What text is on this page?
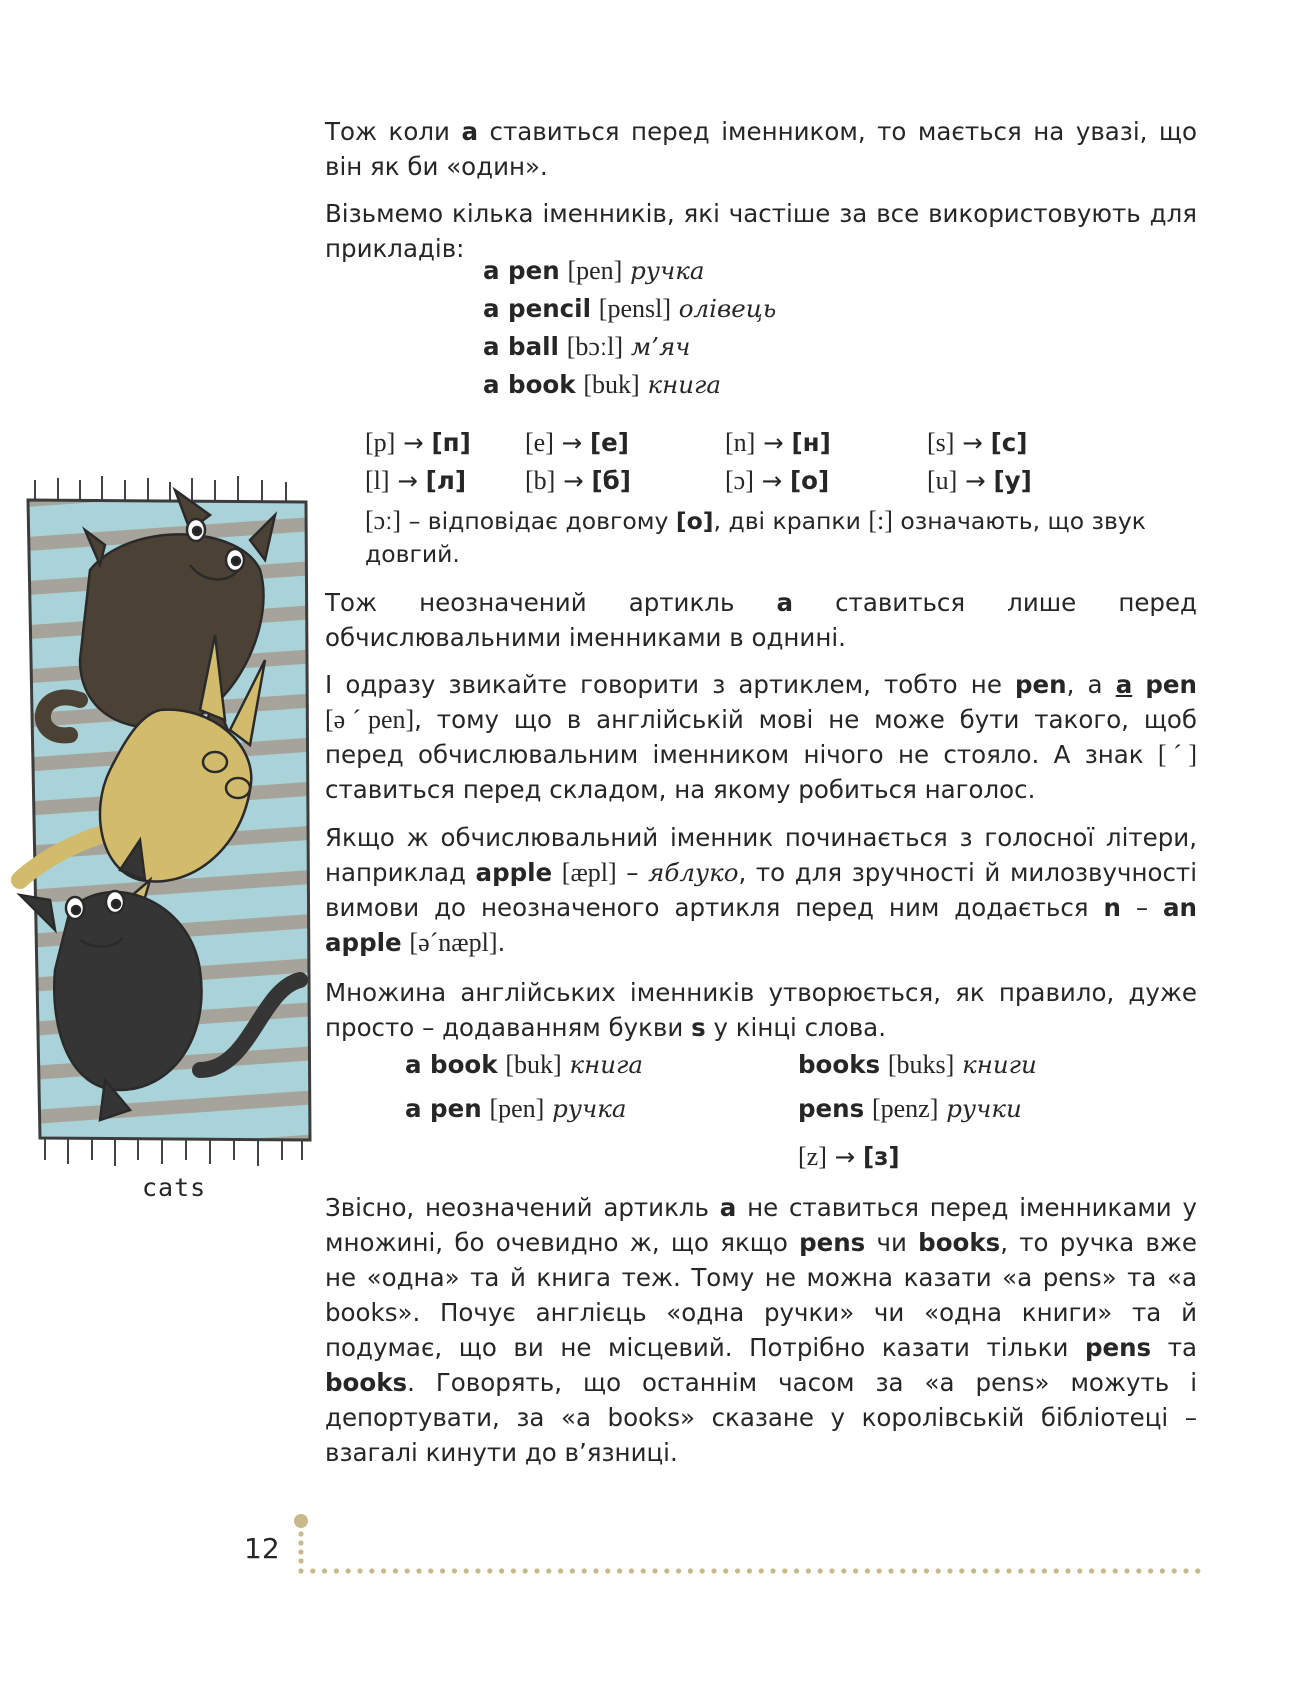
cats

Тож коли a ставиться перед іменником, то мається на увазі, що він як би «один».

Візьмемо кілька іменників, які частіше за все використовують для прикладів:

a pen [pen] ручка
a pencil [pensl] олівець
a ball [bɔːl] м’яч
a book [buk] книга
[p] → [п] [e] → [е]	[n] → [н]	[s] → [с]
[l] → [л] [b] → [б]	[ɔ] → [о]	[u] → [у]

[ɔː] – відповідає довгому [о], дві крапки [:] означають, що звук довгий.

Тож неозначений артикль a ставиться лише перед обчислювальними іменниками в однині.

І одразу звикайте говорити з артиклем, тобто не pen, а a pen [əˊpen], тому що в англійській мові не може бути такого, щоб перед обчислювальним іменником нічого не стояло. А знак [ˊ] ставиться перед складом, на якому робиться наголос.

Якщо ж обчислювальний іменник починається з голосної літери, наприклад apple [æpl] – яблуко, то для зручності й милозвучності вимови до неозначеного артикля перед ним додається n – an apple [əˊnæpl].

Множина англійських іменників утворюється, як правило, дуже просто – додаванням букви s у кінці слова.

a book [buk] книга	books [buks] книги
a pen [pen] ручка	pens [penz] ручки
[z] → [з]

Звісно, неозначений артикль a не ставиться перед іменниками у множині, бо очевидно ж, що якщо pens чи books, то ручка вже не «одна» та й книга теж. Тому не можна казати «a pens» та «a books». Почує англієць «одна ручки» чи «одна книги» та й подумає, що ви не місцевий. Потрібно казати тільки pens та books. Говорять, що останнім часом за «a pens» можуть і депортувати, за «a books» сказане у королівській бібліотеці – взагалі кинути до в’язниці.

12
